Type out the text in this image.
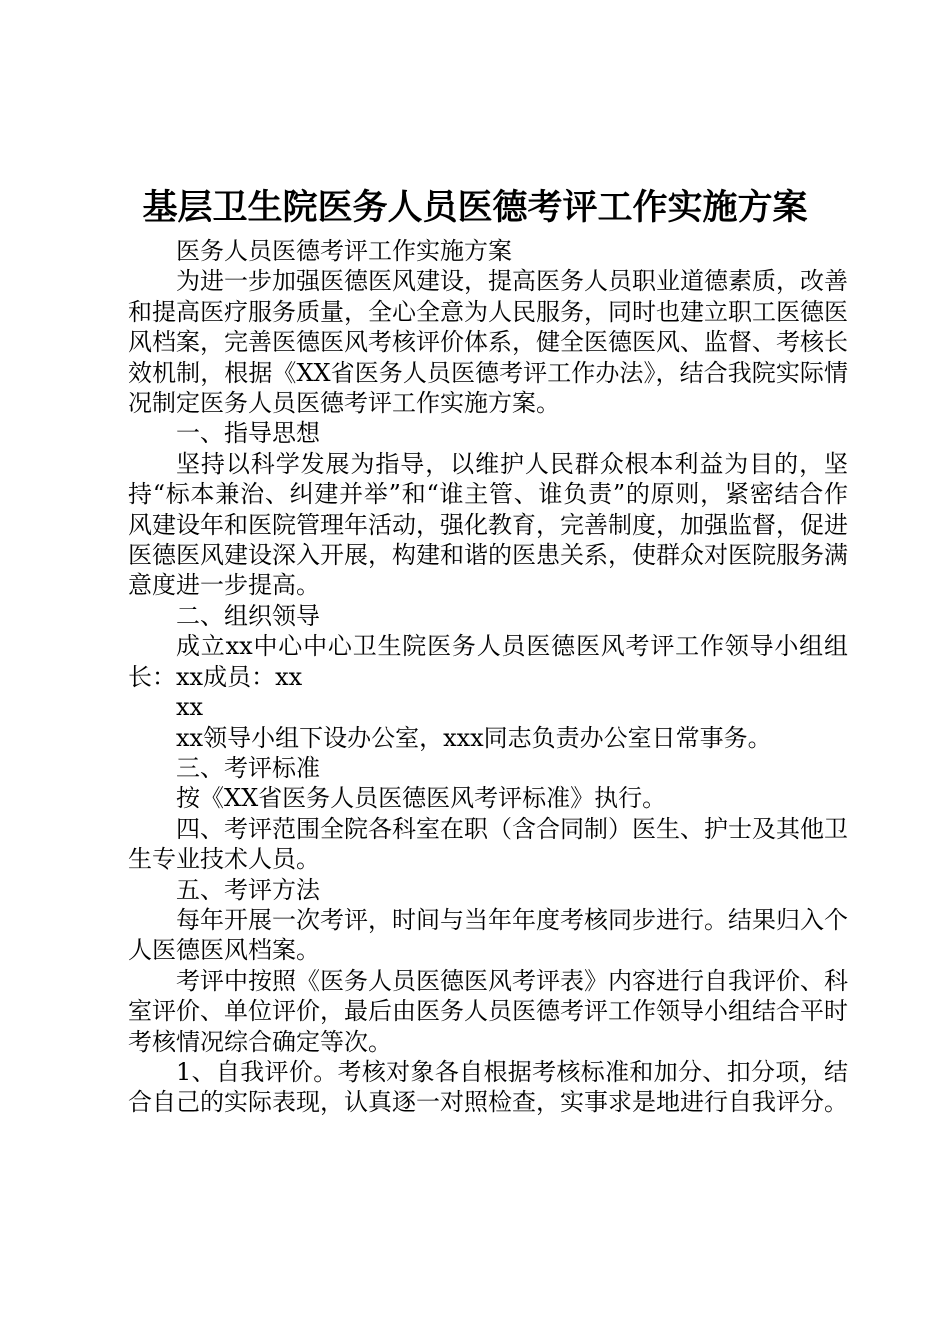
基层卫生院医务人员医德考评工作实施方案

医务人员医德考评工作实施方案

为进一步加强医德医风建设，提高医务人员职业道德素质，改善和提高医疗服务质量，全心全意为人民服务，同时也建立职工医德医风档案，完善医德医风考核评价体系，健全医德医风、监督、考核长效机制，根据《XX省医务人员医德考评工作办法》，结合我院实际情况制定医务人员医德考评工作实施方案。

一、指导思想

坚持以科学发展为指导，以维护人民群众根本利益为目的，坚持“标本兼治、纠建并举”和“谁主管、谁负责”的原则，紧密结合作风建设年和医院管理年活动，强化教育，完善制度，加强监督，促进医德医风建设深入开展，构建和谐的医患关系，使群众对医院服务满意度进一步提高。

二、组织领导

成立xx中心中心卫生院医务人员医德医风考评工作领导小组组长：xx成员：xx

xx

xx领导小组下设办公室，xxx同志负责办公室日常事务。

三、考评标准

按《XX省医务人员医德医风考评标准》执行。

四、考评范围全院各科室在职（含合同制）医生、护士及其他卫生专业技术人员。

五、考评方法

每年开展一次考评，时间与当年年度考核同步进行。结果归入个人医德医风档案。

考评中按照《医务人员医德医风考评表》内容进行自我评价、科室评价、单位评价，最后由医务人员医德考评工作领导小组结合平时考核情况综合确定等次。

1、自我评价。考核对象各自根据考核标准和加分、扣分项，结合自己的实际表现，认真逐一对照检查，实事求是地进行自我评分。
